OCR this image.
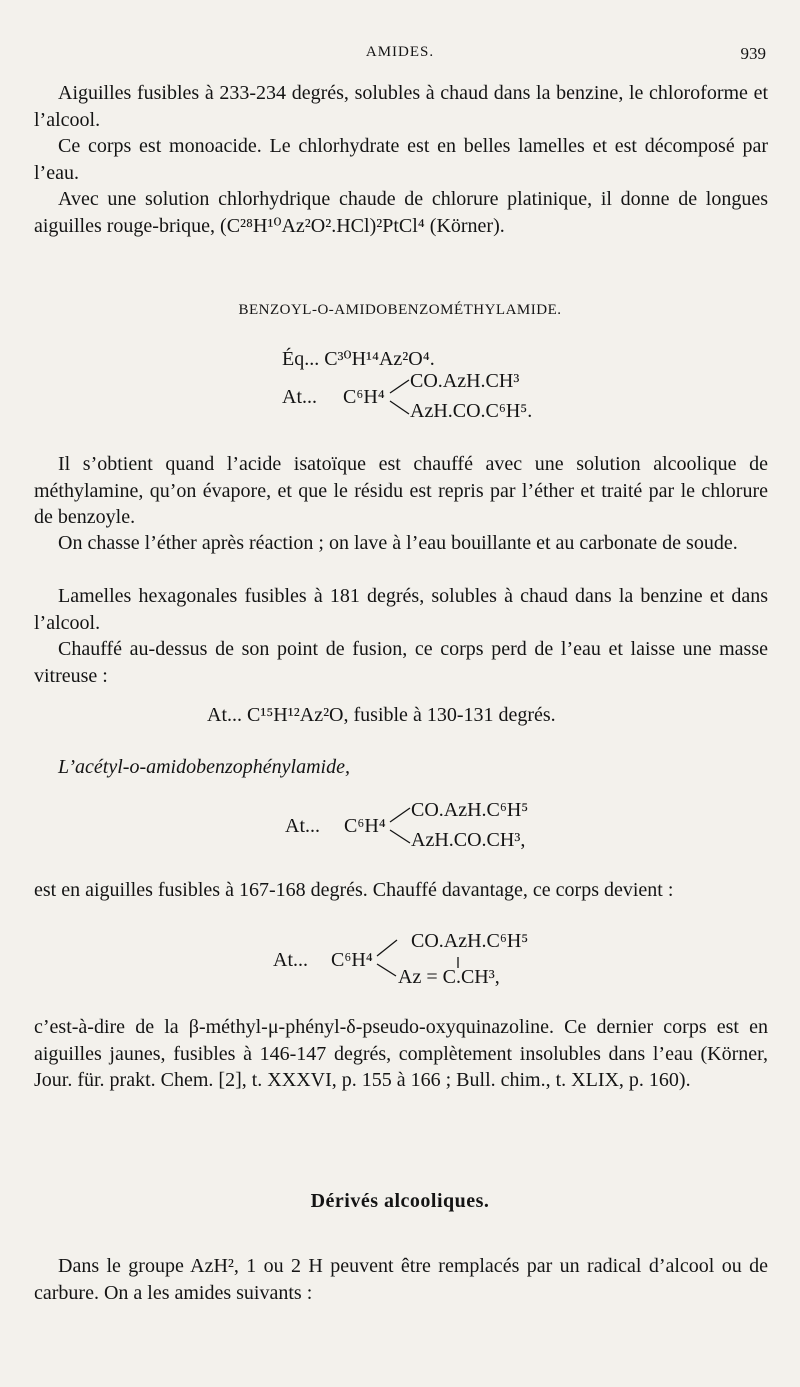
AMIDES.	939

Aiguilles fusibles à 233-234 degrés, solubles à chaud dans la benzine, le chloroforme et l’alcool.

Ce corps est monoacide. Le chlorhydrate est en belles lamelles et est décomposé par l’eau.

Avec une solution chlorhydrique chaude de chlorure platinique, il donne de longues aiguilles rouge-brique, (C²⁸H¹⁰Az²O².HCl)²PtCl⁴ (Körner).

BENZOYL-O-AMIDOBENZOMÉTHYLAMIDE.
Éq... C³⁰H¹⁴Az²O⁴.
At... C⁶H⁴
CO.AzH.CH³
AzH.CO.C⁶H⁵.

Il s’obtient quand l’acide isatoïque est chauffé avec une solution alcoolique de méthylamine, qu’on évapore, et que le résidu est repris par l’éther et traité par le chlorure de benzoyle.

On chasse l’éther après réaction ; on lave à l’eau bouillante et au carbonate de soude.

Lamelles hexagonales fusibles à 181 degrés, solubles à chaud dans la benzine et dans l’alcool.

Chauffé au-dessus de son point de fusion, ce corps perd de l’eau et laisse une masse vitreuse :

At... C¹⁵H¹²Az²O, fusible à 130-131 degrés.
L’acétyl-o-amidobenzophénylamide,
At... C⁶H⁴
CO.AzH.C⁶H⁵
AzH.CO.CH³,

est en aiguilles fusibles à 167-168 degrés. Chauffé davantage, ce corps devient :

At... C⁶H⁴
CO.AzH.C⁶H⁵
Az = C.CH³,

c’est-à-dire de la β-méthyl-μ-phényl-δ-pseudo-oxyquinazoline. Ce dernier corps est en aiguilles jaunes, fusibles à 146-147 degrés, complètement insolubles dans l’eau (Körner, Jour. für. prakt. Chem. [2], t. XXXVI, p. 155 à 166 ; Bull. chim., t. XLIX, p. 160).

Dérivés alcooliques.

Dans le groupe AzH², 1 ou 2 H peuvent être remplacés par un radical d’alcool ou de carbure. On a les amides suivants :
